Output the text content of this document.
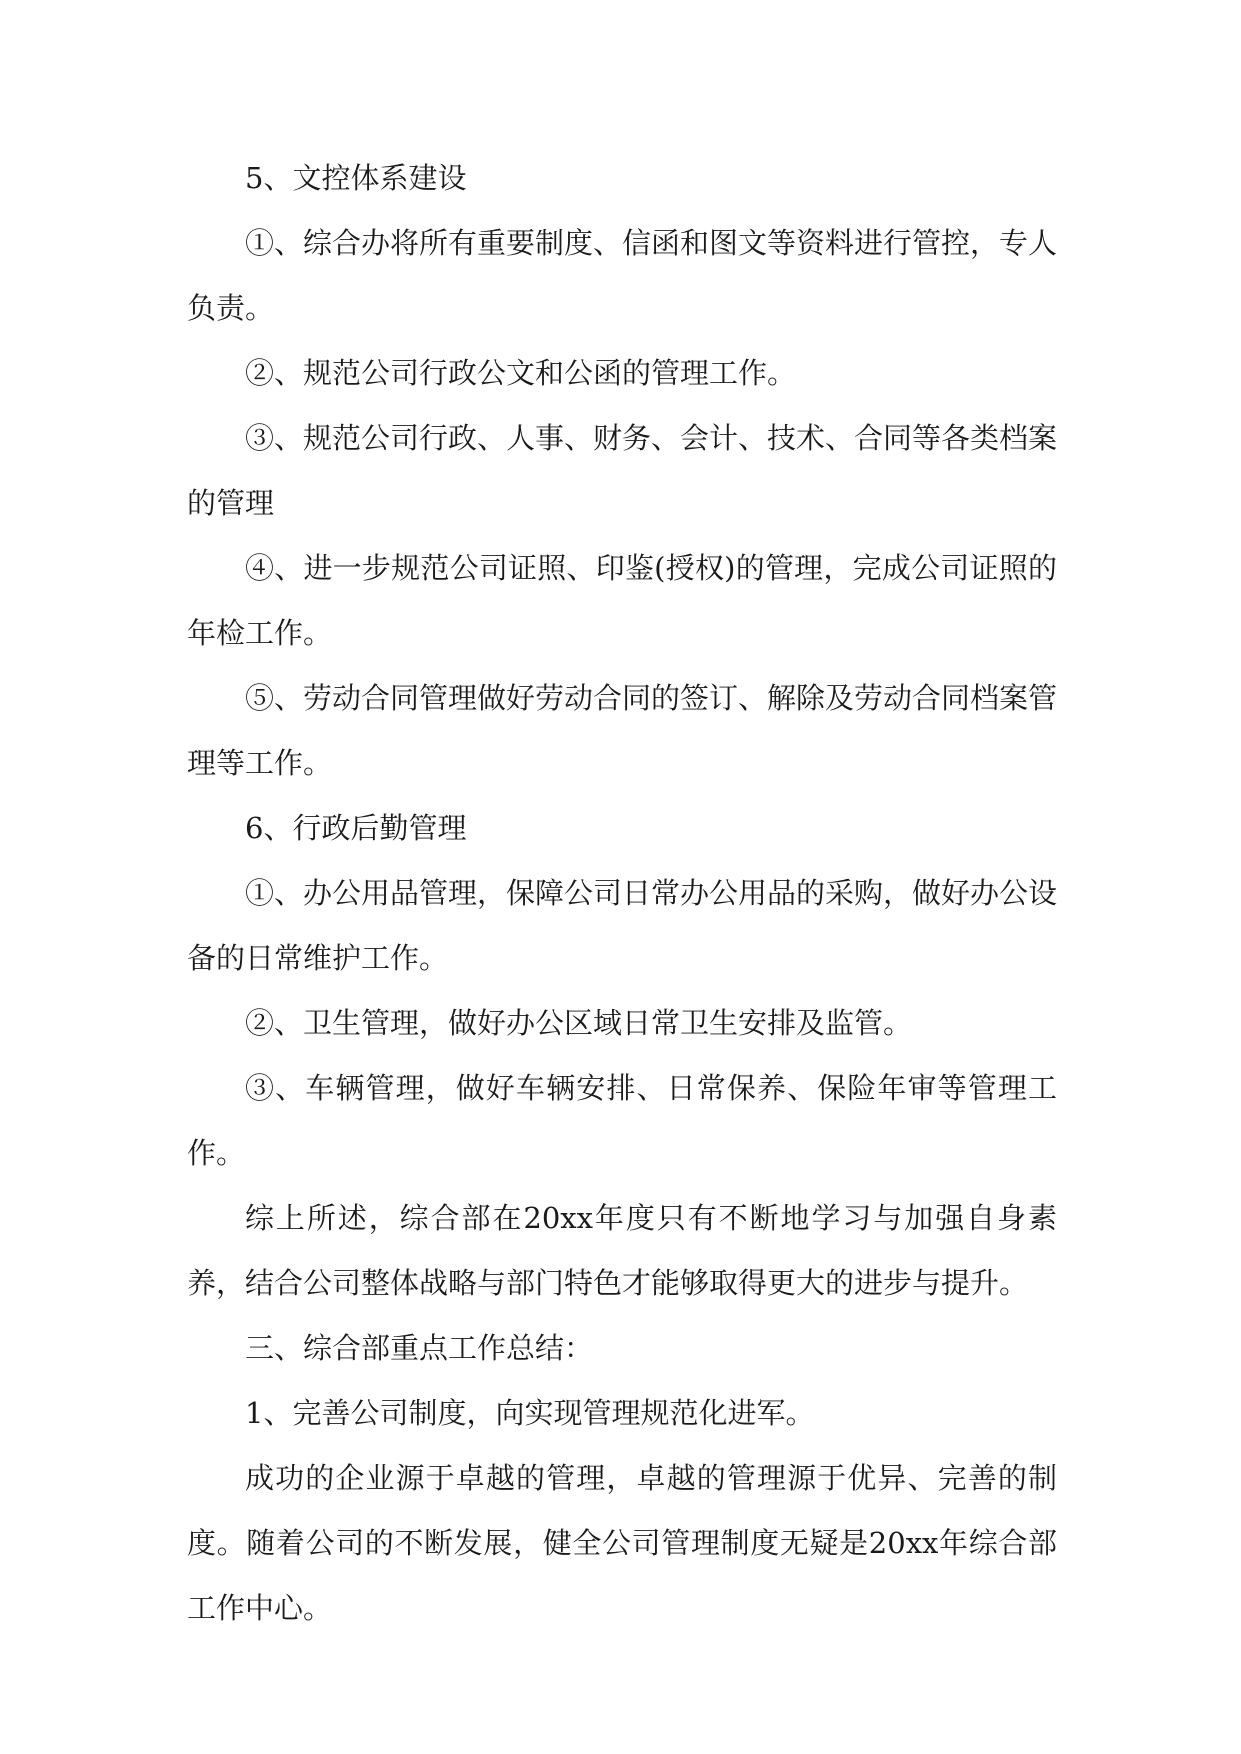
5、文控体系建设

①、综合办将所有重要制度、信函和图文等资料进行管控，专人负责。

②、规范公司行政公文和公函的管理工作。

③、规范公司行政、人事、财务、会计、技术、合同等各类档案的管理

④、进一步规范公司证照、印鉴(授权)的管理，完成公司证照的年检工作。

⑤、劳动合同管理做好劳动合同的签订、解除及劳动合同档案管理等工作。

6、行政后勤管理

①、办公用品管理，保障公司日常办公用品的采购，做好办公设备的日常维护工作。

②、卫生管理，做好办公区域日常卫生安排及监管。

③、车辆管理，做好车辆安排、日常保养、保险年审等管理工作。

综上所述，综合部在20xx年度只有不断地学习与加强自身素养，结合公司整体战略与部门特色才能够取得更大的进步与提升。

三、综合部重点工作总结：

1、完善公司制度，向实现管理规范化进军。

成功的企业源于卓越的管理，卓越的管理源于优异、完善的制度。随着公司的不断发展，健全公司管理制度无疑是20xx年综合部工作中心。
